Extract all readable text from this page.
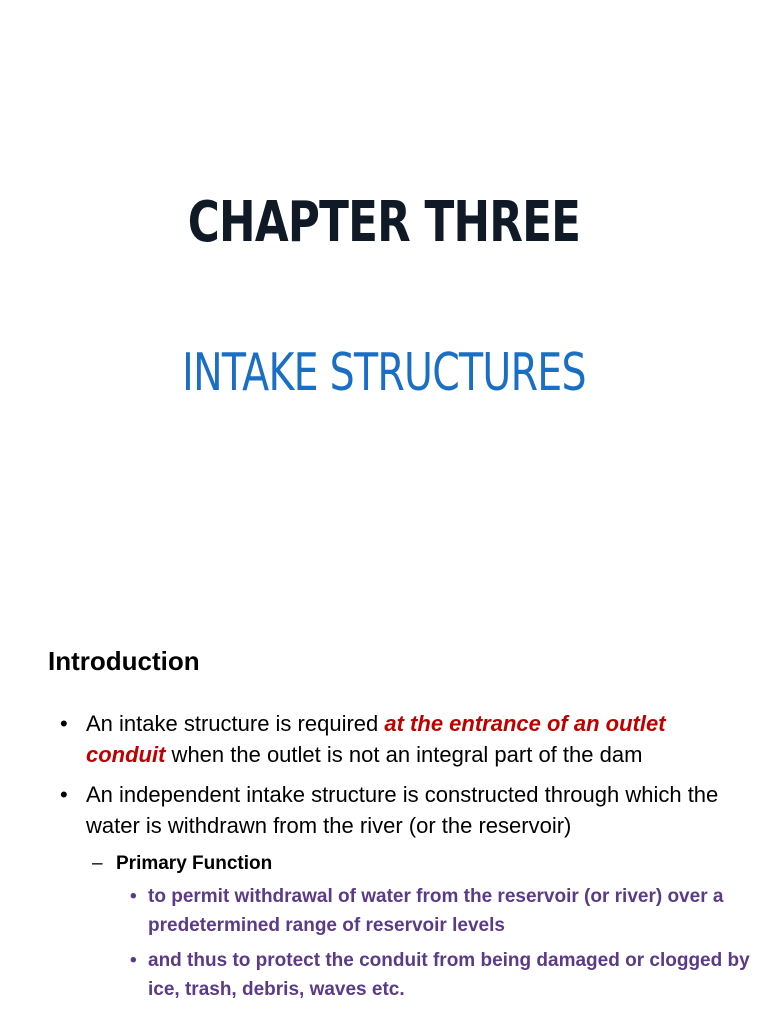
CHAPTER THREE
INTAKE STRUCTURES
Introduction
• An intake structure is required at the entrance of an outlet conduit when the outlet is not an integral part of the dam
• An independent intake structure is constructed through which the water is withdrawn from the river (or the reservoir)
– Primary Function
• to permit withdrawal of water from the reservoir (or river) over a predetermined range of reservoir levels
• and thus to protect the conduit from being damaged or clogged by ice, trash, debris, waves etc.
